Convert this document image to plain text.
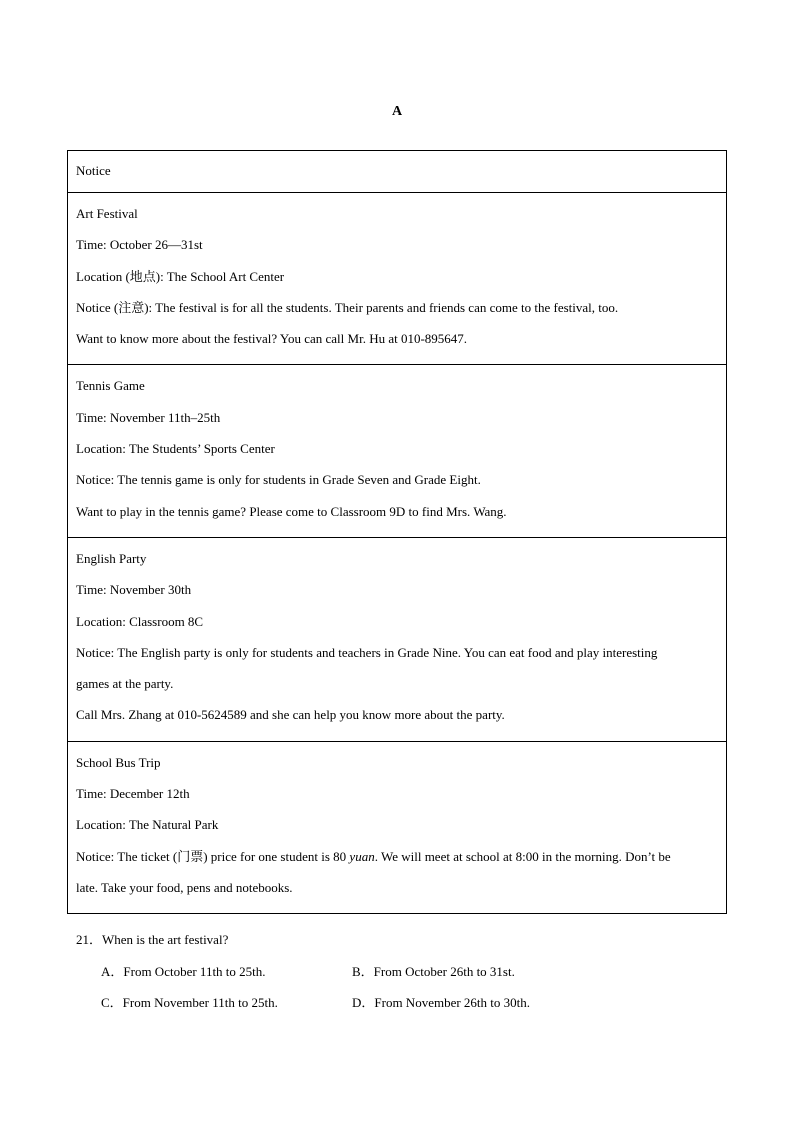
A
Notice
Art Festival
Time: October 26—31st
Location (地点): The School Art Center
Notice (注意): The festival is for all the students. Their parents and friends can come to the festival, too.
Want to know more about the festival? You can call Mr. Hu at 010-895647.
Tennis Game
Time: November 11th–25th
Location: The Students’ Sports Center
Notice: The tennis game is only for students in Grade Seven and Grade Eight.
Want to play in the tennis game? Please come to Classroom 9D to find Mrs. Wang.
English Party
Time: November 30th
Location: Classroom 8C
Notice: The English party is only for students and teachers in Grade Nine. You can eat food and play interesting
games at the party.
Call Mrs. Zhang at 010-5624589 and she can help you know more about the party.
School Bus Trip
Time: December 12th
Location: The Natural Park
Notice: The ticket (门票) price for one student is 80 yuan. We will meet at school at 8:00 in the morning. Don’t be
late. Take your food, pens and notebooks.
21．When is the art festival?
A．From October 11th to 25th.	B．From October 26th to 31st.
C．From November 11th to 25th.	D．From November 26th to 30th.
